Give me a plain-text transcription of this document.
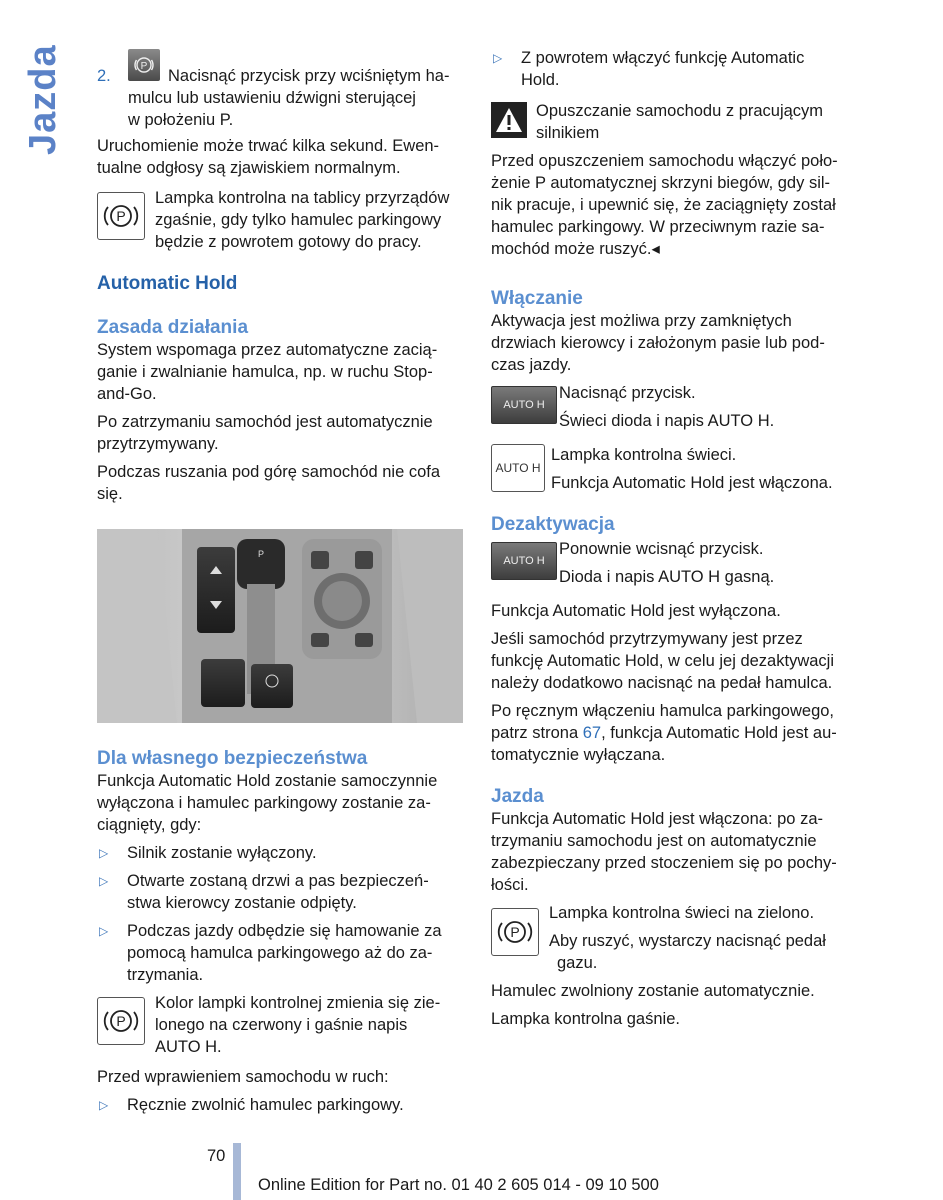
Jazda 2.
P

Nacisnąć przycisk przy wciśniętym ha-

mulcu lub ustawieniu dźwigni sterującej

w położeniu P.

Uruchomienie może trwać kilka sekund. Ewen-

tualne odgłosy są zjawiskiem normalnym.

P

Lampka kontrolna na tablicy przyrządów

zgaśnie, gdy tylko hamulec parkingowy

będzie z powrotem gotowy do pracy.

Automatic Hold

Zasada działania

System wspomaga przez automatyczne zacią-

ganie i zwalnianie hamulca, np. w ruchu Stop-

and-Go.

Po zatrzymaniu samochód jest automatycznie

przytrzymywany.

Podczas ruszania pod górę samochód nie cofa

się.

P

Dla własnego bezpieczeństwa

Funkcja Automatic Hold zostanie samoczynnie

wyłączona i hamulec parkingowy zostanie za-

ciągnięty, gdy:

▷	Silnik zostanie wyłączony.
▷	Otwarte zostaną drzwi a pas bezpieczeń-
stwa kierowcy zostanie odpięty.
▷	Podczas jazdy odbędzie się hamowanie za
pomocą hamulca parkingowego aż do za-
trzymania.
P

Kolor lampki kontrolnej zmienia się zie-

lonego na czerwony i gaśnie napis

AUTO H.

Przed wprawieniem samochodu w ruch:

▷	Ręcznie zwolnić hamulec parkingowy.
▷	Z powrotem włączyć funkcję Automatic
Hold.

Opuszczanie samochodu z pracującym

silnikiem

Przed opuszczeniem samochodu włączyć poło-

żenie P automatycznej skrzyni biegów, gdy sil-

nik pracuje, i upewnić się, że zaciągnięty został

hamulec parkingowy. W przeciwnym razie sa-

mochód może ruszyć.◂

Włączanie

Aktywacja jest możliwa przy zamkniętych

drzwiach kierowcy i założonym pasie lub pod-

czas jazdy.

AUTO H

Nacisnąć przycisk.

Świeci dioda i napis AUTO H.

AUTO H

Lampka kontrolna świeci.

Funkcja Automatic Hold jest włączona.

Dezaktywacja

AUTO H

Ponownie wcisnąć przycisk.

Dioda i napis AUTO H gasną.

Funkcja Automatic Hold jest wyłączona.

Jeśli samochód przytrzymywany jest przez

funkcję Automatic Hold, w celu jej dezaktywacji

należy dodatkowo nacisnąć na pedał hamulca.

Po ręcznym włączeniu hamulca parkingowego,

patrz strona 67, funkcja Automatic Hold jest au-

tomatycznie wyłączana.

Jazda

Funkcja Automatic Hold jest włączona: po za-

trzymaniu samochodu jest on automatycznie

zabezpieczany przed stoczeniem się po pochy-

łości.

P

Lampka kontrolna świeci na zielono.

Aby ruszyć, wystarczy nacisnąć pedał

gazu.

Hamulec zwolniony zostanie automatycznie.

Lampka kontrolna gaśnie.

70
Online Edition for Part no. 01 40 2 605 014 - 09 10 500
